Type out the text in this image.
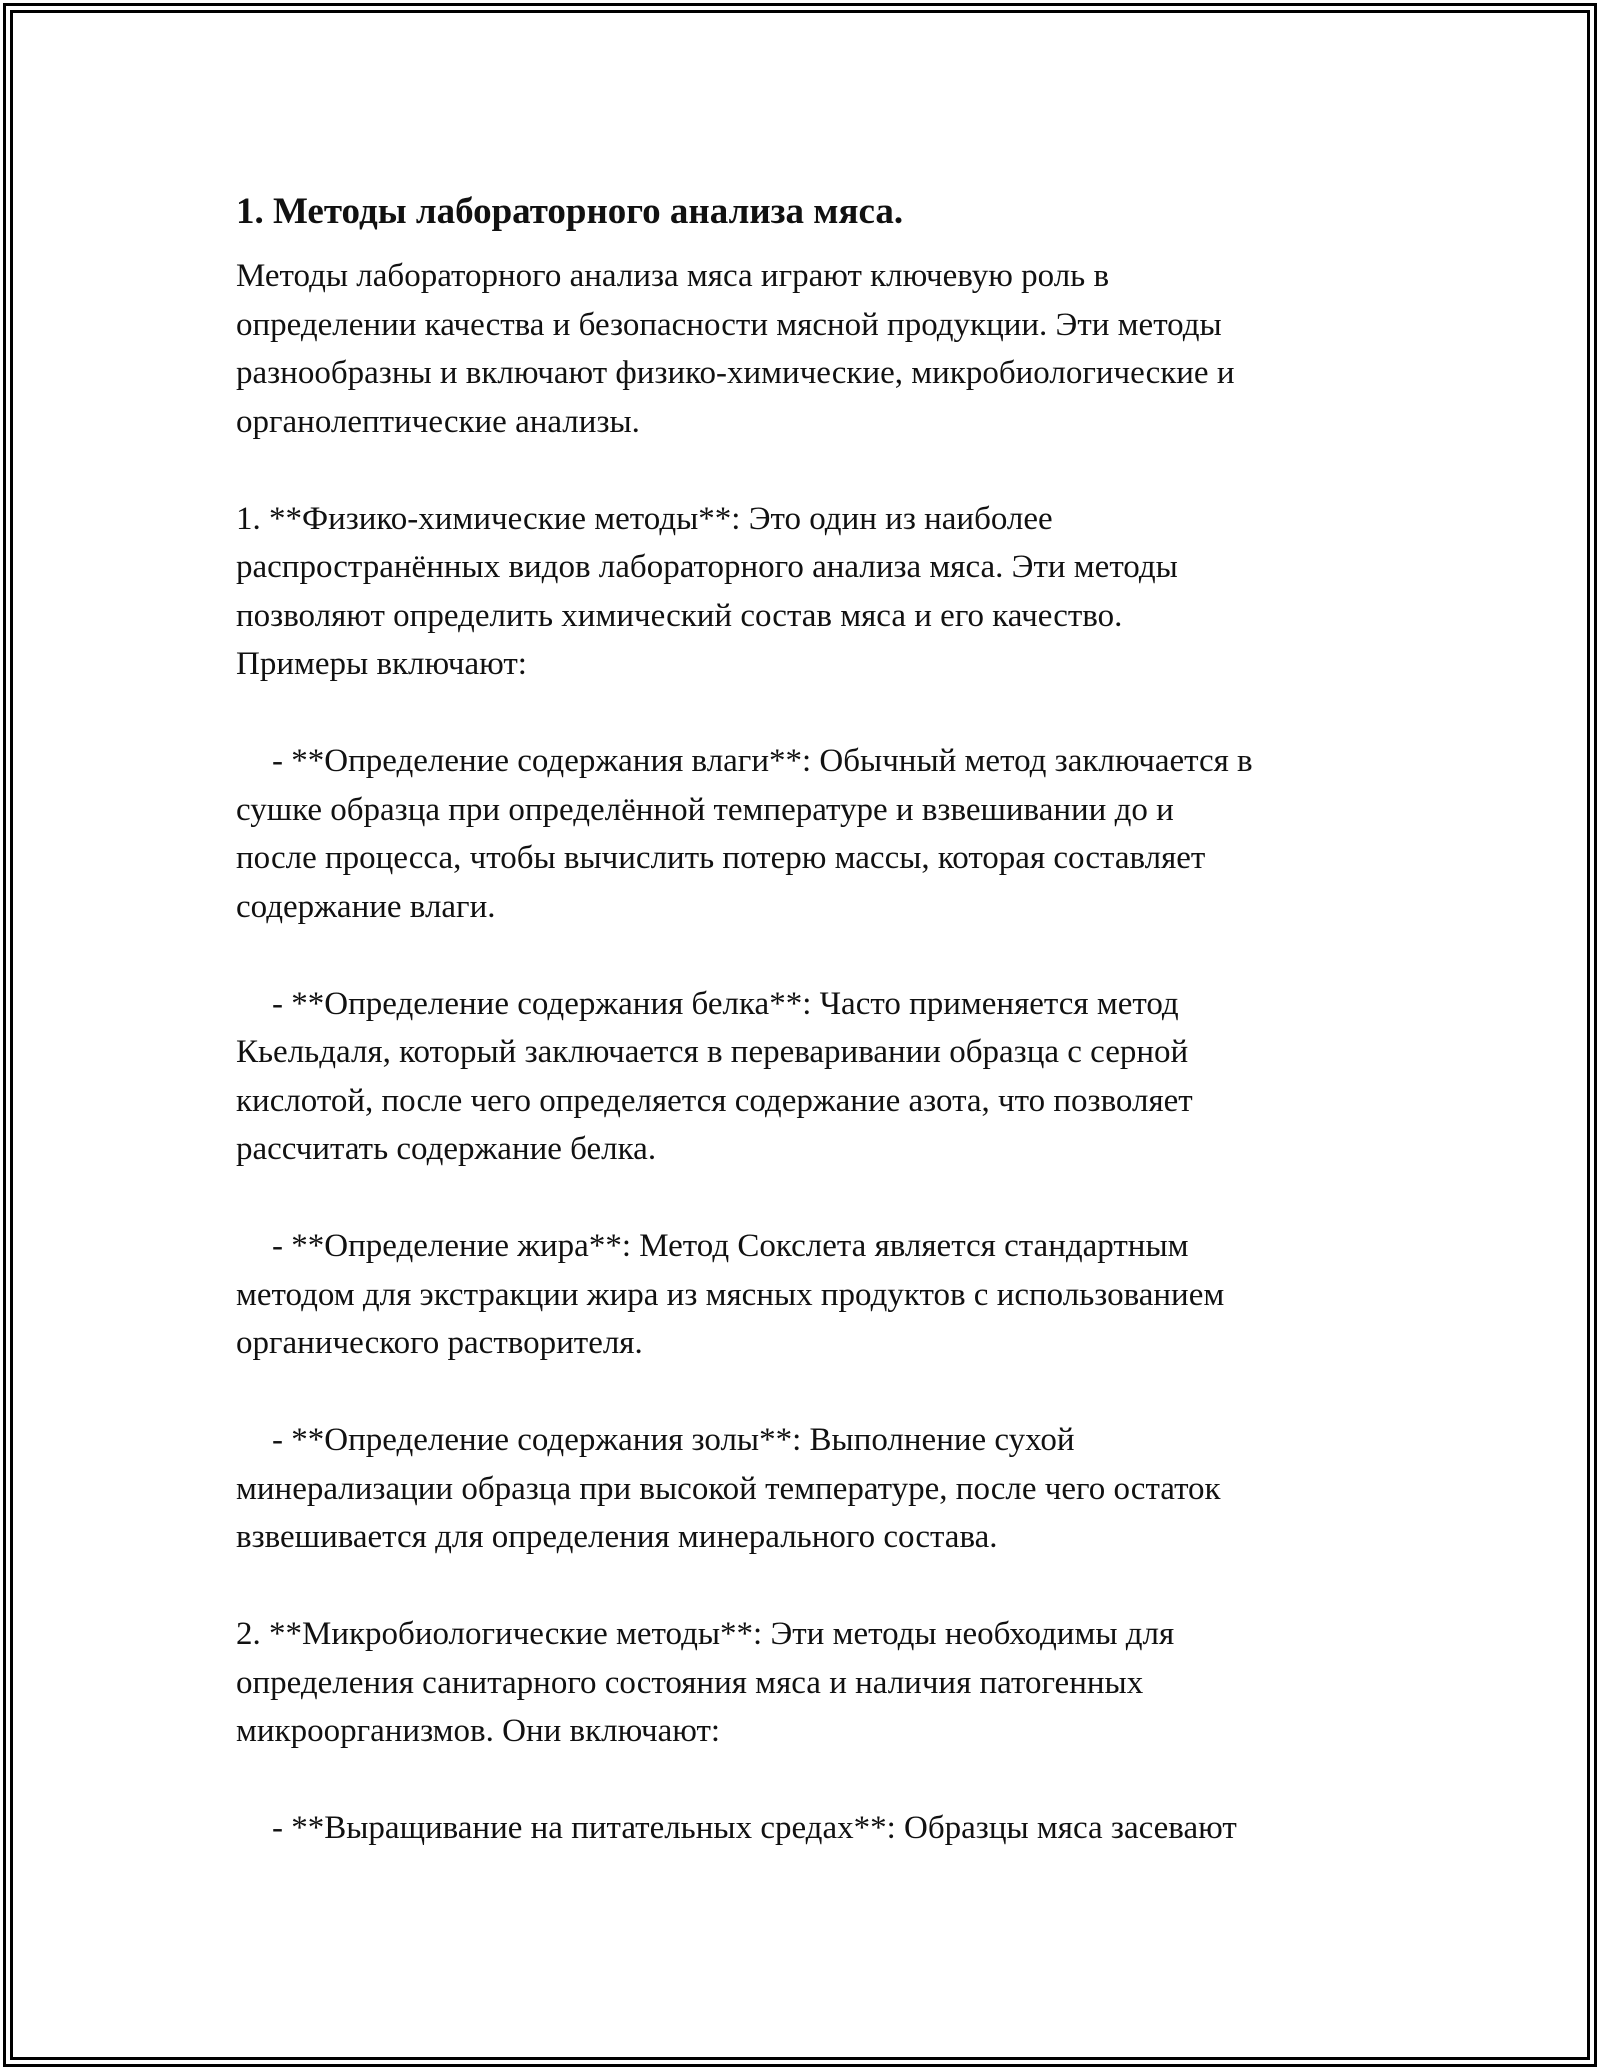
1. Методы лабораторного анализа мяса.
Методы лабораторного анализа мяса играют ключевую роль в
определении качества и безопасности мясной продукции. Эти методы
разнообразны и включают физико-химические, микробиологические и
органолептические анализы.
1. **Физико-химические методы**: Это один из наиболее
распространённых видов лабораторного анализа мяса. Эти методы
позволяют определить химический состав мяса и его качество.
Примеры включают:
- **Определение содержания влаги**: Обычный метод заключается в
сушке образца при определённой температуре и взвешивании до и
после процесса, чтобы вычислить потерю массы, которая составляет
содержание влаги.
- **Определение содержания белка**: Часто применяется метод
Кьельдаля, который заключается в переваривании образца с серной
кислотой, после чего определяется содержание азота, что позволяет
рассчитать содержание белка.
- **Определение жира**: Метод Сокслета является стандартным
методом для экстракции жира из мясных продуктов с использованием
органического растворителя.
- **Определение содержания золы**: Выполнение сухой
минерализации образца при высокой температуре, после чего остаток
взвешивается для определения минерального состава.
2. **Микробиологические методы**: Эти методы необходимы для
определения санитарного состояния мяса и наличия патогенных
микроорганизмов. Они включают:
- **Выращивание на питательных средах**: Образцы мяса засевают
